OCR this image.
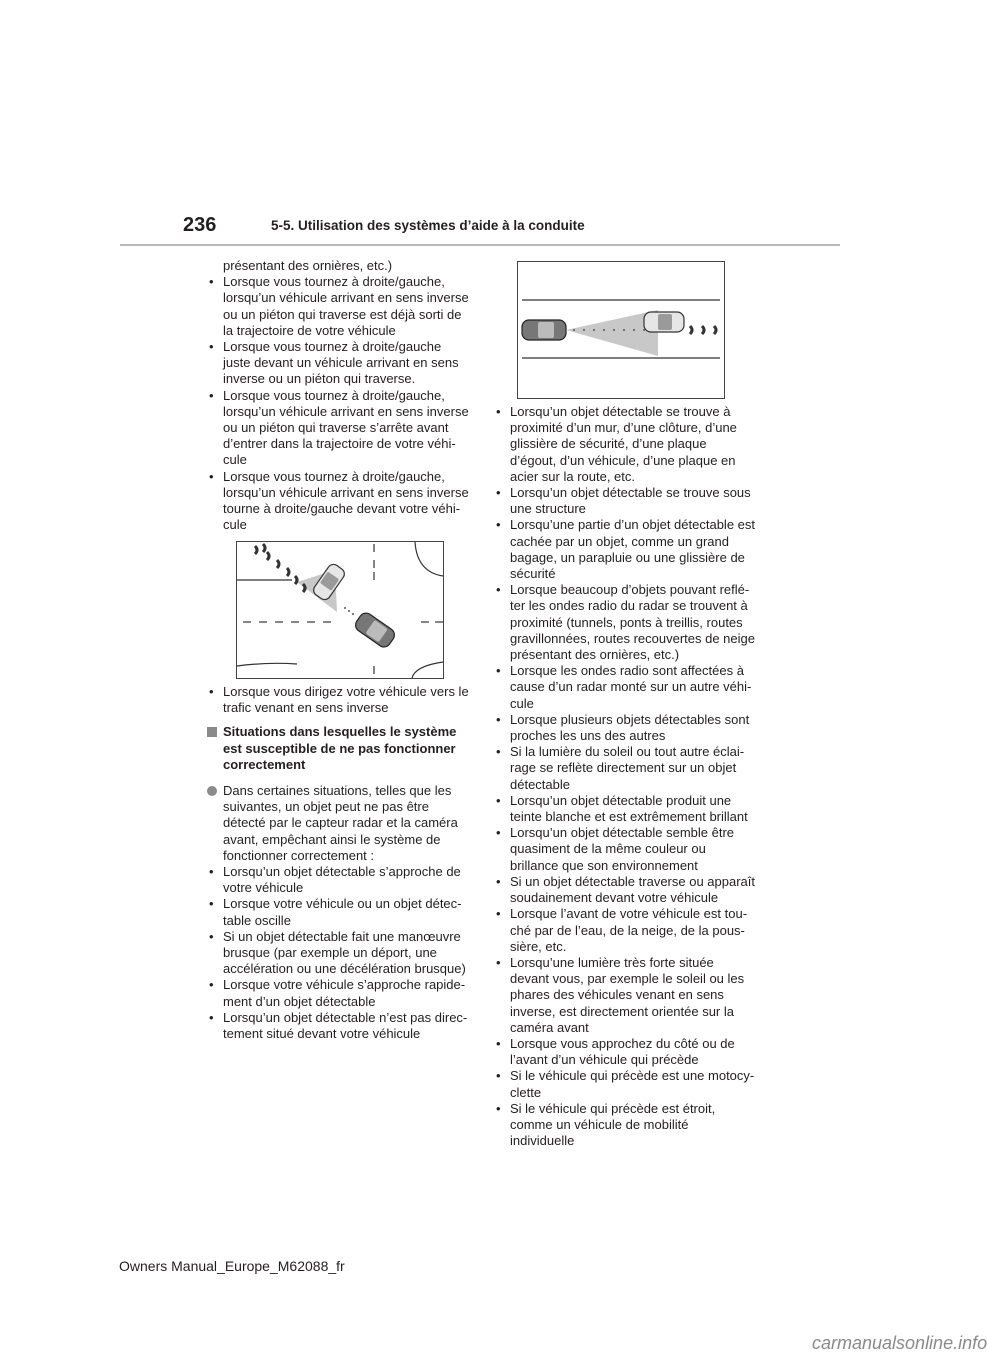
236	5-5. Utilisation des systèmes d’aide à la conduite

présentant des ornières, etc.)

• Lorsque vous tournez à droite/gauche, lorsqu’un véhicule arrivant en sens inverse ou un piéton qui traverse est déjà sorti de la trajectoire de votre véhicule

• Lorsque vous tournez à droite/gauche juste devant un véhicule arrivant en sens inverse ou un piéton qui traverse.

• Lorsque vous tournez à droite/gauche, lorsqu’un véhicule arrivant en sens inverse ou un piéton qui traverse s’arrête avant d’entrer dans la trajectoire de votre véhi-cule

• Lorsque vous tournez à droite/gauche, lorsqu’un véhicule arrivant en sens inverse tourne à droite/gauche devant votre véhi-cule

• Lorsque vous dirigez votre véhicule vers le trafic venant en sens inverse

Situations dans lesquelles le système est susceptible de ne pas fonctionner correctement
Dans certaines situations, telles que les suivantes, un objet peut ne pas être détecté par le capteur radar et la caméra avant, empêchant ainsi le système de fonctionner correctement :

• Lorsqu’un objet détectable s’approche de votre véhicule

• Lorsque votre véhicule ou un objet détec-table oscille

• Si un objet détectable fait une manœuvre brusque (par exemple un déport, une accélération ou une décélération brusque)

• Lorsque votre véhicule s’approche rapide-ment d’un objet détectable

• Lorsqu’un objet détectable n’est pas direc-tement situé devant votre véhicule

• Lorsqu’un objet détectable se trouve à proximité d’un mur, d’une clôture, d’une glissière de sécurité, d’une plaque d’égout, d’un véhicule, d’une plaque en acier sur la route, etc.

• Lorsqu’un objet détectable se trouve sous une structure

• Lorsqu’une partie d’un objet détectable est cachée par un objet, comme un grand bagage, un parapluie ou une glissière de sécurité

• Lorsque beaucoup d’objets pouvant reflé-ter les ondes radio du radar se trouvent à proximité (tunnels, ponts à treillis, routes gravillonnées, routes recouvertes de neige présentant des ornières, etc.)

• Lorsque les ondes radio sont affectées à cause d’un radar monté sur un autre véhi-cule

• Lorsque plusieurs objets détectables sont proches les uns des autres

• Si la lumière du soleil ou tout autre éclai-rage se reflète directement sur un objet détectable

• Lorsqu’un objet détectable produit une teinte blanche et est extrêmement brillant

• Lorsqu’un objet détectable semble être quasiment de la même couleur ou brillance que son environnement

• Si un objet détectable traverse ou apparaît soudainement devant votre véhicule

• Lorsque l’avant de votre véhicule est tou-ché par de l’eau, de la neige, de la pous-sière, etc.

• Lorsqu’une lumière très forte située devant vous, par exemple le soleil ou les phares des véhicules venant en sens inverse, est directement orientée sur la caméra avant

• Lorsque vous approchez du côté ou de l’avant d’un véhicule qui précède

• Si le véhicule qui précède est une motocy-clette

• Si le véhicule qui précède est étroit, comme un véhicule de mobilité individuelle

Owners Manual_Europe_M62088_fr
carmanualsonline.info
